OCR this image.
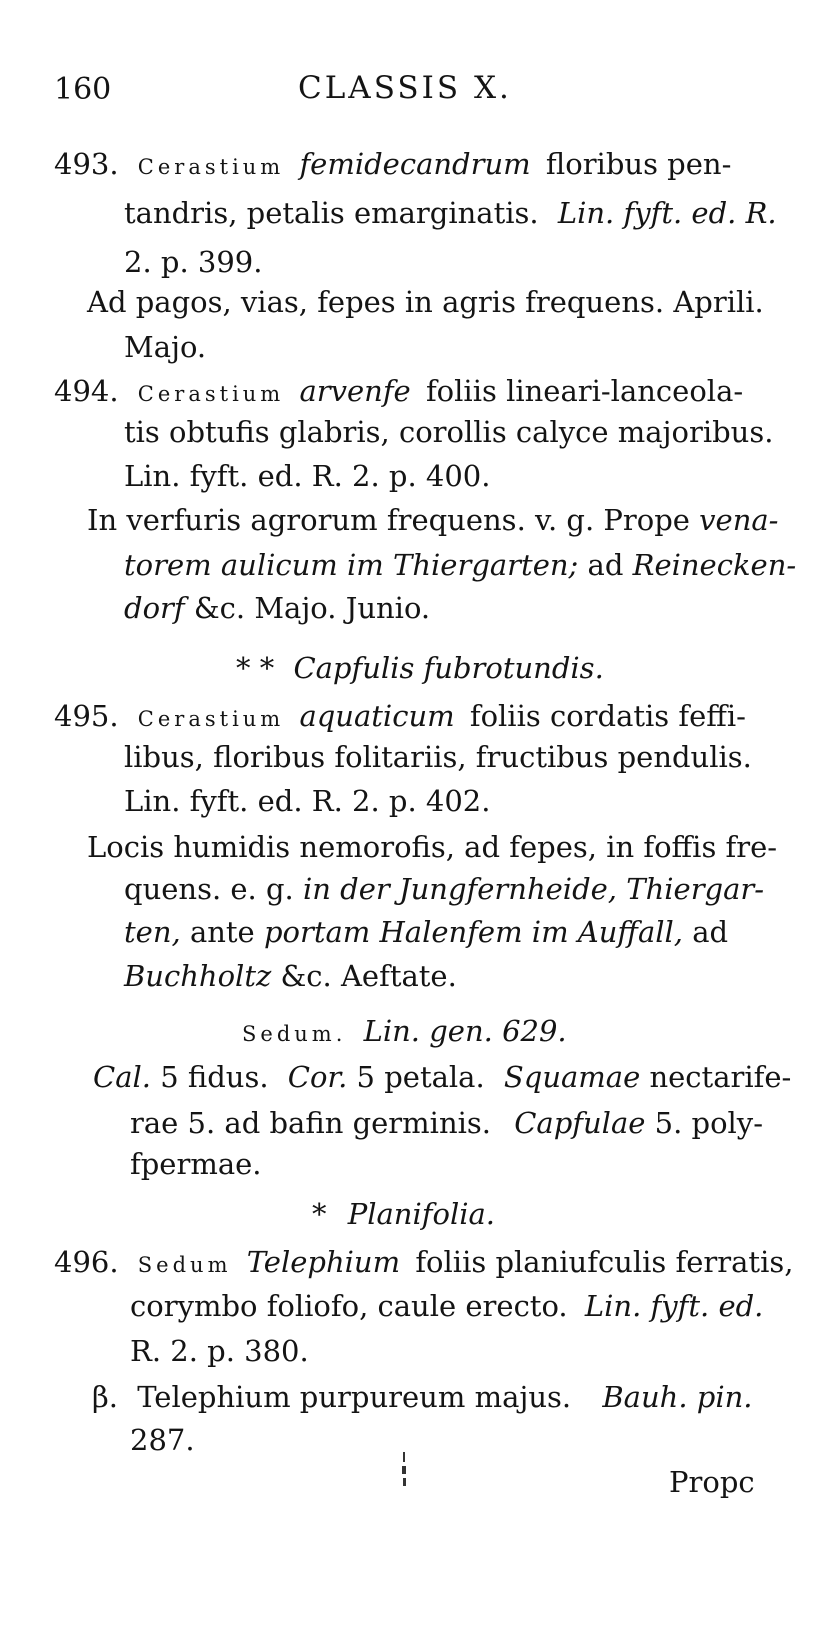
160	CLASSIS X.
493. Cerastium femidecandrum floribus pen-
tandris, petalis emarginatis. Lin. fyft. ed. R.
2. p. 399.
Ad pagos, vias, fepes in agris frequens. Aprili.
Majo.
494. Cerastium arvenfe foliis lineari-lanceola-
tis obtufis glabris, corollis calyce majoribus.
Lin. fyft. ed. R. 2. p. 400.
In verfuris agrorum frequens. v. g. Prope vena-
torem aulicum im Thiergarten; ad Reinecken-
dorf &c. Majo. Junio.
* * Capfulis fubrotundis.
495. Cerastium aquaticum foliis cordatis feffi-
libus, floribus folitariis, fructibus pendulis.
Lin. fyft. ed. R. 2. p. 402.
Locis humidis nemorofis, ad fepes, in foffis fre-
quens. e. g. in der Jungfernheide, Thiergar-
ten, ante portam Halenfem im Auffall, ad
Buchholtz &c. Aeftate.
Sedum. Lin. gen. 629.
Cal. 5 fidus. Cor. 5 petala. Squamae nectarife-
rae 5. ad bafin germinis. Capfulae 5. poly-
fpermae.
* Planifolia.
496. Sedum Telephium foliis planiufculis ferratis,
corymbo foliofo, caule erecto. Lin. fyft. ed.
R. 2. p. 380.
β. Telephium purpureum majus. Bauh. pin.
287.
Propc
